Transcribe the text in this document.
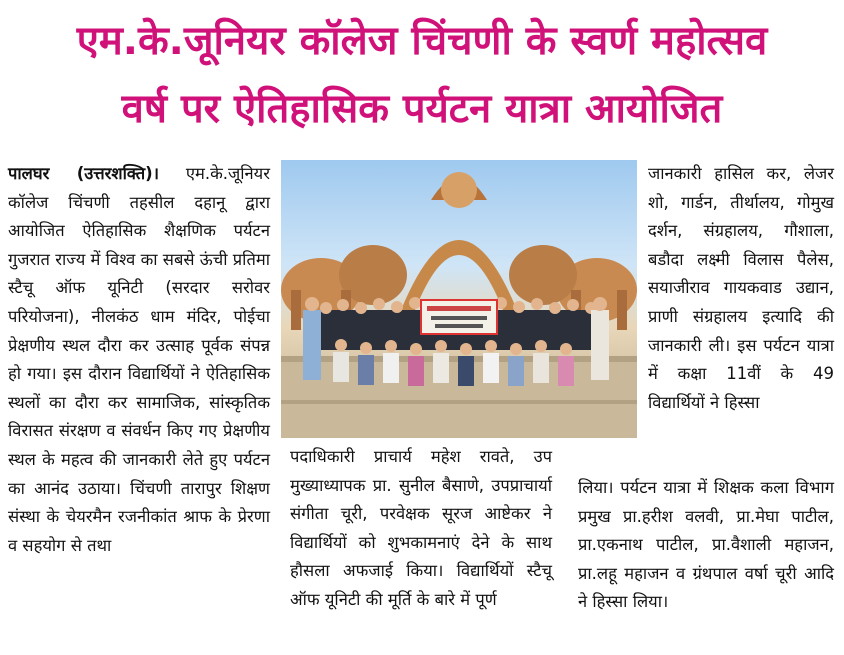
एम.के.जूनियर कॉलेज चिंचणी के स्वर्ण महोत्सव
वर्ष पर ऐतिहासिक पर्यटन यात्रा आयोजित

पालघर (उत्तरशक्ति)। एम.के.जूनियर कॉलेज चिंचणी तहसील दहानू द्वारा आयोजित ऐतिहासिक शैक्षणिक पर्यटन गुजरात राज्य में विश्व का सबसे ऊंची प्रतिमा स्टैचू ऑफ यूनिटी (सरदार सरोवर परियोजना), नीलकंठ धाम मंदिर, पोईचा प्रेक्षणीय स्थल दौरा कर उत्साह पूर्वक संपन्न हो गया। इस दौरान विद्यार्थियों ने ऐतिहासिक स्थलों का दौरा कर सामाजिक, सांस्कृतिक विरासत संरक्षण व संवर्धन किए गए प्रेक्षणीय स्थल के महत्व की जानकारी लेते हुए पर्यटन का आनंद उठाया। चिंचणी तारापुर शिक्षण संस्था के चेयरमैन रजनीकांत श्राफ के प्रेरणा व सहयोग से तथा

पदाधिकारी प्राचार्य महेश रावते, उप मुख्याध्यापक प्रा. सुनील बैसाणे, उपप्राचार्या संगीता चूरी, परवेक्षक सूरज आष्टेकर ने विद्यार्थियों को शुभकामनाएं देने के साथ हौसला अफजाई किया। विद्यार्थियों स्टैचू ऑफ यूनिटी की मूर्ति के बारे में पूर्ण

जानकारी हासिल कर, लेजर शो, गार्डन, तीर्थालय, गोमुख दर्शन, संग्रहालय, गौशाला, बडौदा लक्ष्मी विलास पैलेस, सयाजीराव गायकवाड उद्यान, प्राणी संग्रहालय इत्यादि की जानकारी ली। इस पर्यटन यात्रा में कक्षा 11वीं के 49 विद्यार्थियों ने हिस्सा

लिया। पर्यटन यात्रा में शिक्षक कला विभाग प्रमुख प्रा.हरीश वलवी, प्रा.मेघा पाटील, प्रा.एकनाथ पाटील, प्रा.वैशाली महाजन, प्रा.लहू महाजन व ग्रंथपाल वर्षा चूरी आदि ने हिस्सा लिया।
